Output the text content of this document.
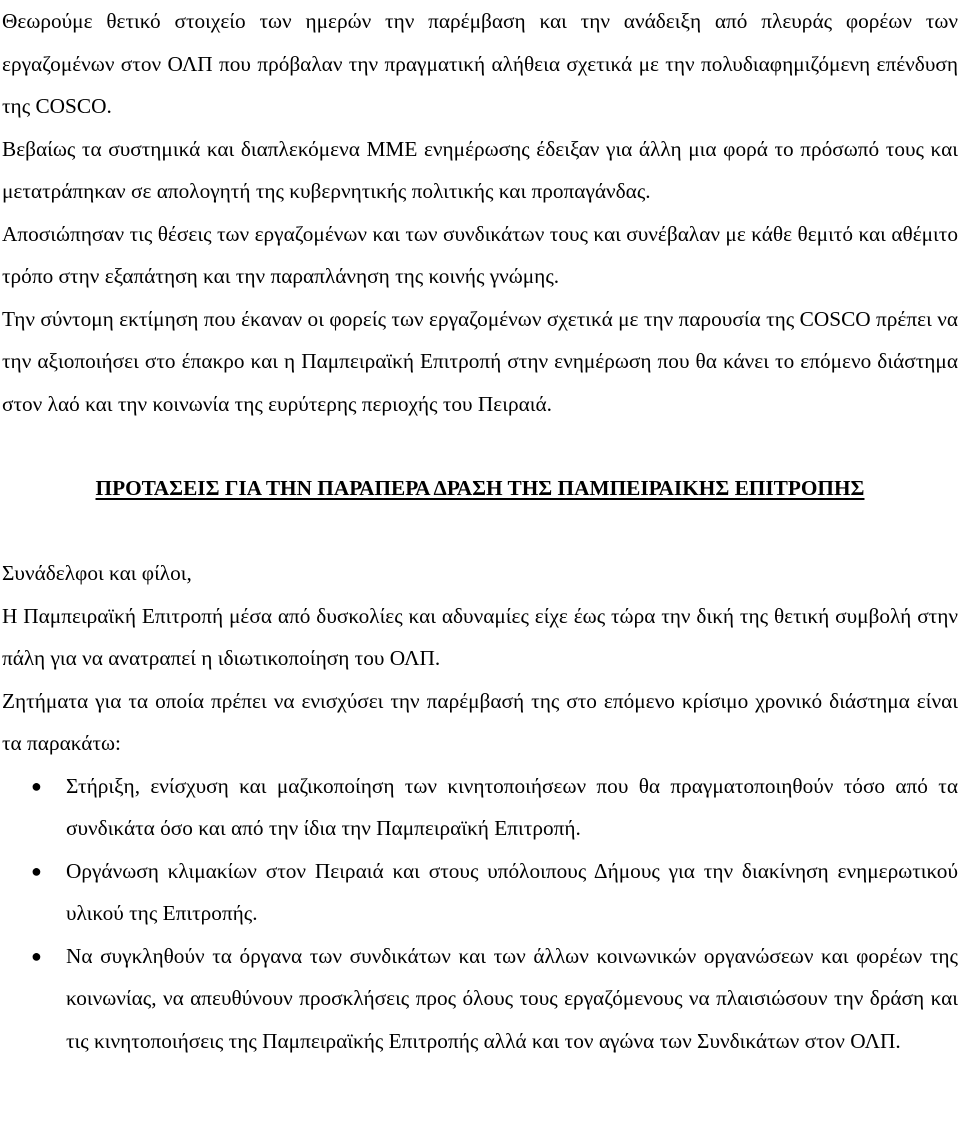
Θεωρούμε θετικό στοιχείο των ημερών την παρέμβαση και την ανάδειξη από πλευράς φορέων των εργαζομένων στον ΟΛΠ που πρόβαλαν την πραγματική αλήθεια σχετικά με την πολυδιαφημιζόμενη επένδυση της COSCO.

Βεβαίως τα συστημικά και διαπλεκόμενα ΜΜΕ ενημέρωσης έδειξαν για άλλη μια φορά το πρόσωπό τους και μετατράπηκαν σε απολογητή της κυβερνητικής πολιτικής και προπαγάνδας.

Αποσιώπησαν τις θέσεις των εργαζομένων και των συνδικάτων τους και συνέβαλαν με κάθε θεμιτό και αθέμιτο τρόπο στην εξαπάτηση και την παραπλάνηση της κοινής γνώμης.

Την σύντομη εκτίμηση που έκαναν οι φορείς των εργαζομένων σχετικά με την παρουσία της COSCO πρέπει να την αξιοποιήσει στο έπακρο και η Παμπειραϊκή Επιτροπή στην ενημέρωση που θα κάνει το επόμενο διάστημα στον λαό και την κοινωνία της ευρύτερης περιοχής του Πειραιά.

ΠΡΟΤΑΣΕΙΣ ΓΙΑ ΤΗΝ ΠΑΡΑΠΕΡΑ ΔΡΑΣΗ ΤΗΣ ΠΑΜΠΕΙΡΑΙΚΗΣ ΕΠΙΤΡΟΠΗΣ

Συνάδελφοι και φίλοι,

Η Παμπειραϊκή Επιτροπή μέσα από δυσκολίες και αδυναμίες είχε έως τώρα την δική της θετική συμβολή στην πάλη για να ανατραπεί η ιδιωτικοποίηση του ΟΛΠ.

Ζητήματα για τα οποία πρέπει να ενισχύσει την παρέμβασή της στο επόμενο κρίσιμο χρονικό διάστημα είναι τα παρακάτω:

● Στήριξη, ενίσχυση και μαζικοποίηση των κινητοποιήσεων που θα πραγματοποιηθούν τόσο από τα συνδικάτα όσο και από την ίδια την Παμπειραϊκή Επιτροπή.
● Οργάνωση κλιμακίων στον Πειραιά και στους υπόλοιπους Δήμους για την διακίνηση ενημερωτικού υλικού της Επιτροπής.
● Να συγκληθούν τα όργανα των συνδικάτων και των άλλων κοινωνικών οργανώσεων και φορέων της κοινωνίας, να απευθύνουν προσκλήσεις προς όλους τους εργαζόμενους να πλαισιώσουν την δράση και τις κινητοποιήσεις της Παμπειραϊκής Επιτροπής αλλά και τον αγώνα των Συνδικάτων στον ΟΛΠ.
